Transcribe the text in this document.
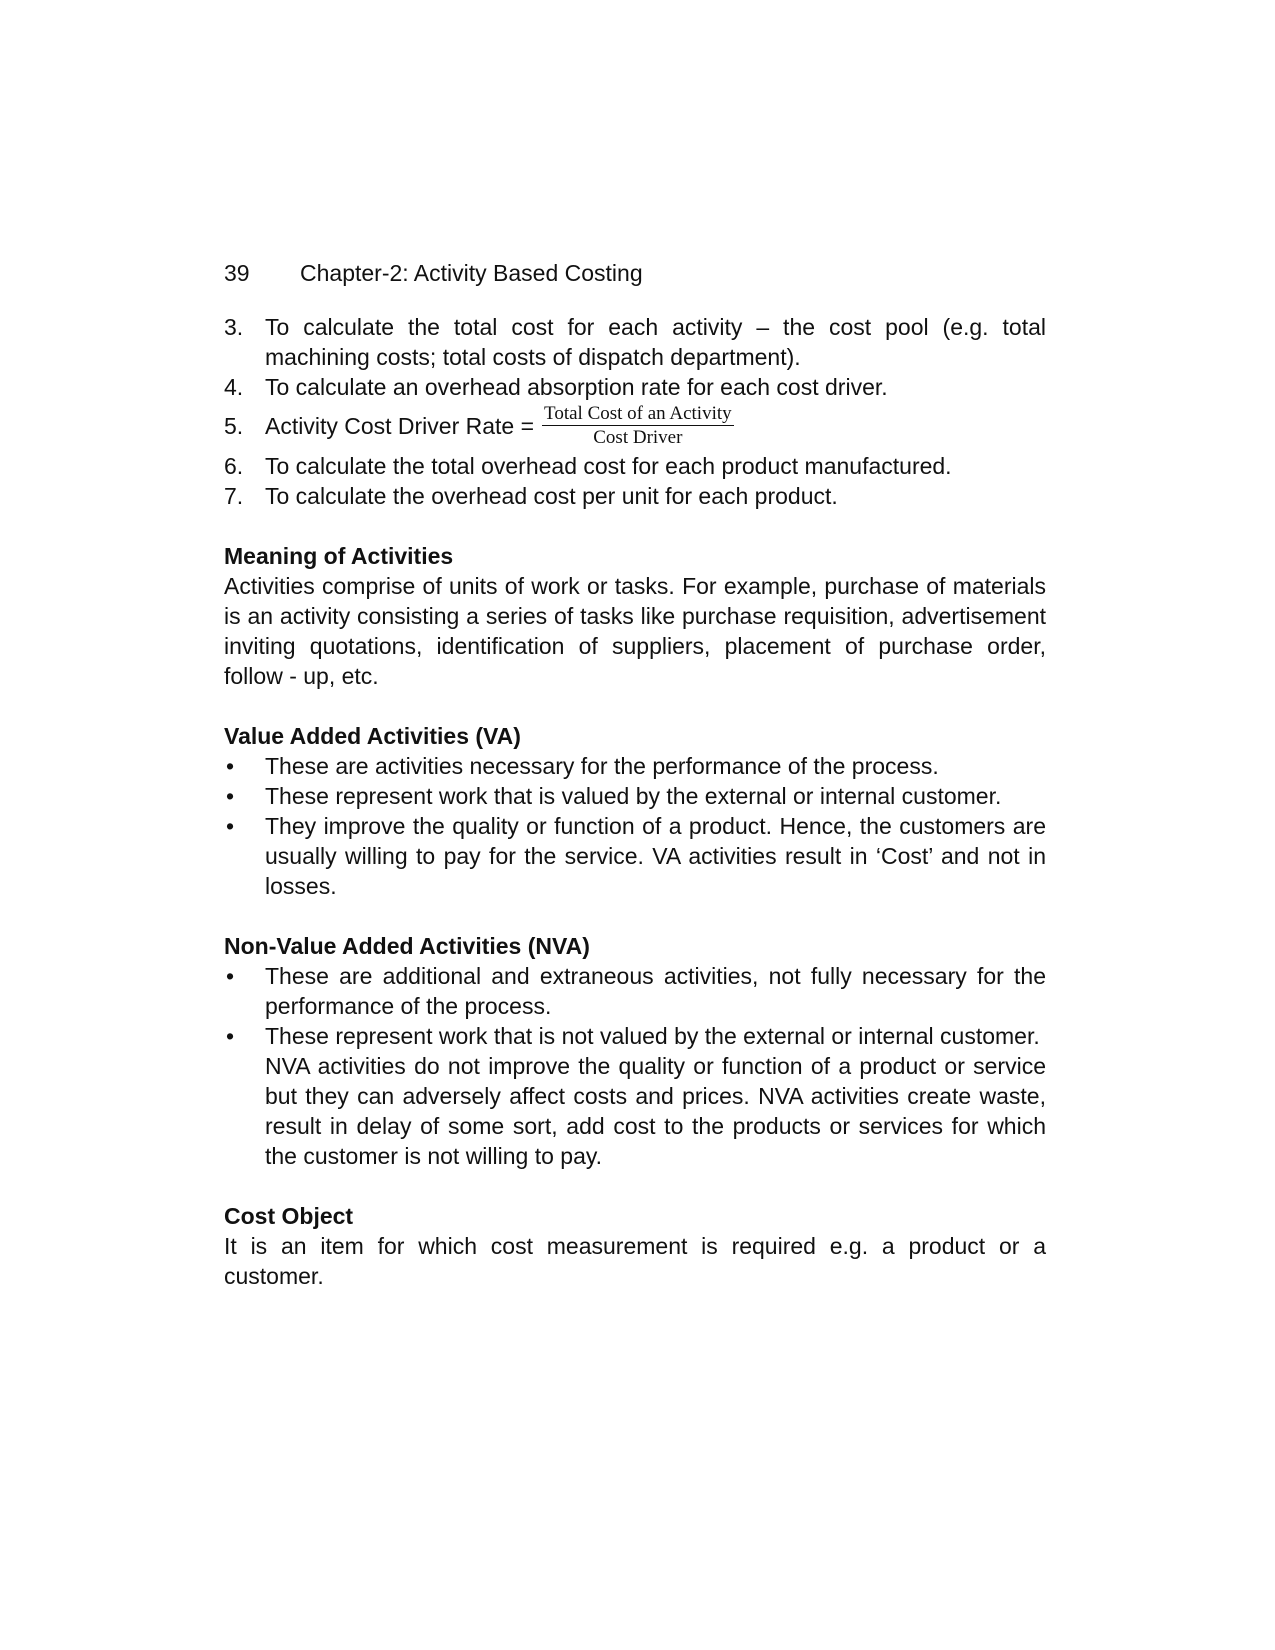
39	Chapter-2: Activity Based Costing
3. To calculate the total cost for each activity – the cost pool (e.g. total machining costs; total costs of dispatch department).
4. To calculate an overhead absorption rate for each cost driver.
5. Activity Cost Driver Rate = $\frac{\text{Total Cost of an Activity}}{\text{Cost Driver}}$
6. To calculate the total overhead cost for each product manufactured.
7. To calculate the overhead cost per unit for each product.
Meaning of Activities
Activities comprise of units of work or tasks. For example, purchase of materials is an activity consisting a series of tasks like purchase requisition, advertisement inviting quotations, identification of suppliers, placement of purchase order, follow - up, etc.
Value Added Activities (VA)
•	These are activities necessary for the performance of the process.
•	These represent work that is valued by the external or internal customer.
•	They improve the quality or function of a product. Hence, the customers are usually willing to pay for the service. VA activities result in ‘Cost’ and not in losses.
Non-Value Added Activities (NVA)
•	These are additional and extraneous activities, not fully necessary for the performance of the process.
•	These represent work that is not valued by the external or internal customer.
NVA activities do not improve the quality or function of a product or service but they can adversely affect costs and prices. NVA activities create waste, result in delay of some sort, add cost to the products or services for which the customer is not willing to pay.
Cost Object
It is an item for which cost measurement is required e.g. a product or a customer.
